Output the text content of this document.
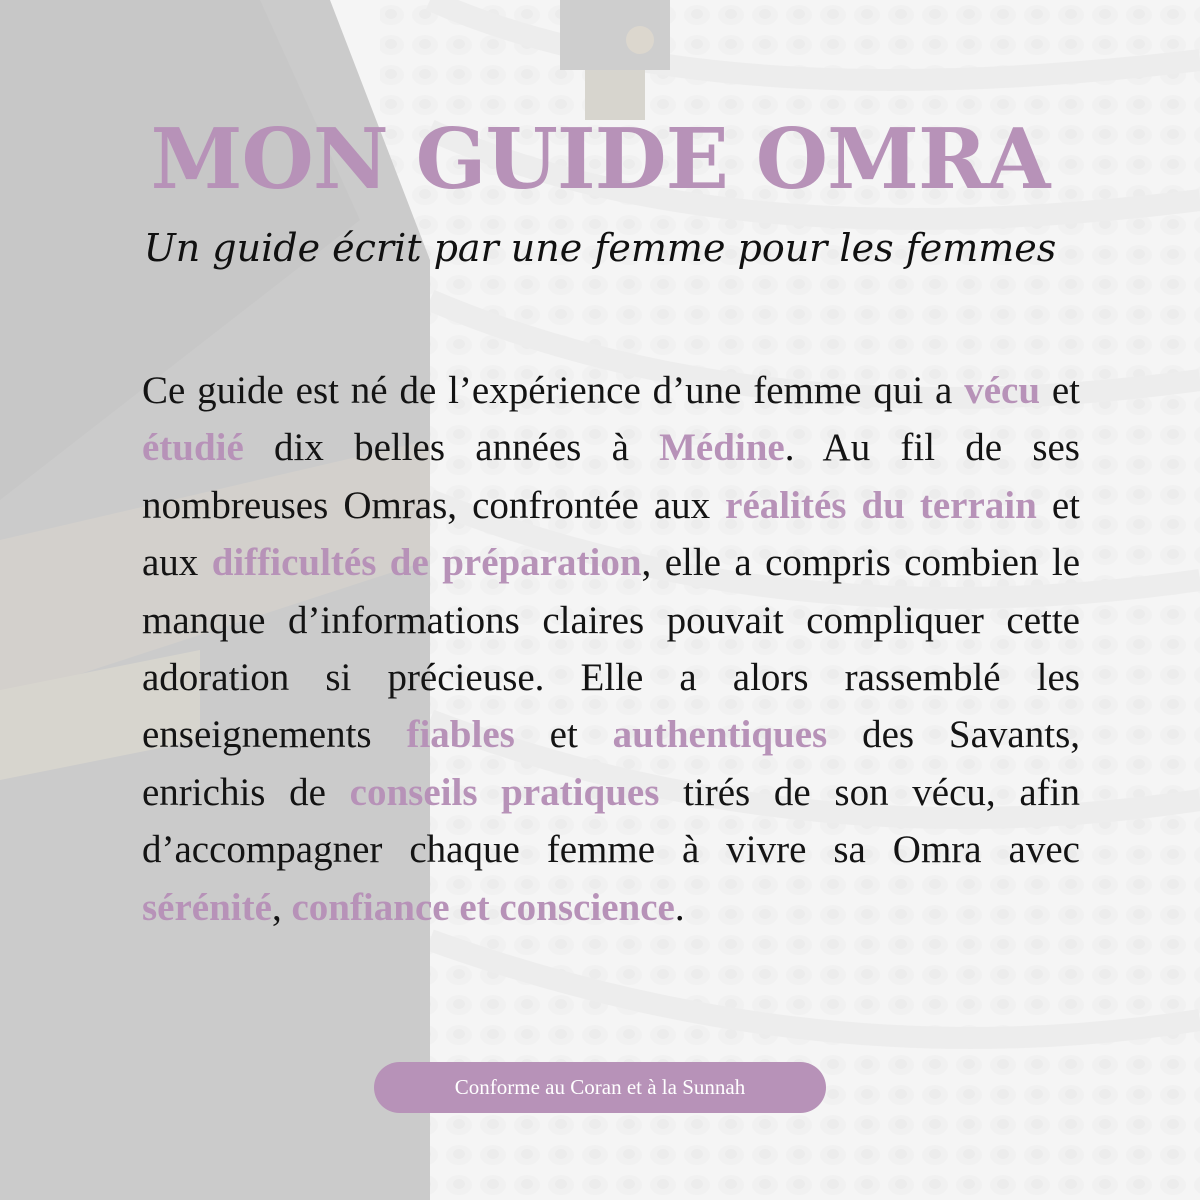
MON GUIDE OMRA
Un guide écrit par une femme pour les femmes

Ce guide est né de l’expérience d’une femme qui a vécu et étudié dix belles années à Médine. Au fil de ses nombreuses Omras, confrontée aux réalités du terrain et aux difficultés de préparation, elle a compris combien le manque d’informations claires pouvait compliquer cette adoration si précieuse. Elle a alors rassemblé les enseignements fiables et authentiques des Savants, enrichis de conseils pratiques tirés de son vécu, afin d’accompagner chaque femme à vivre sa Omra avec sérénité, confiance et conscience.

Conforme au Coran et à la Sunnah
